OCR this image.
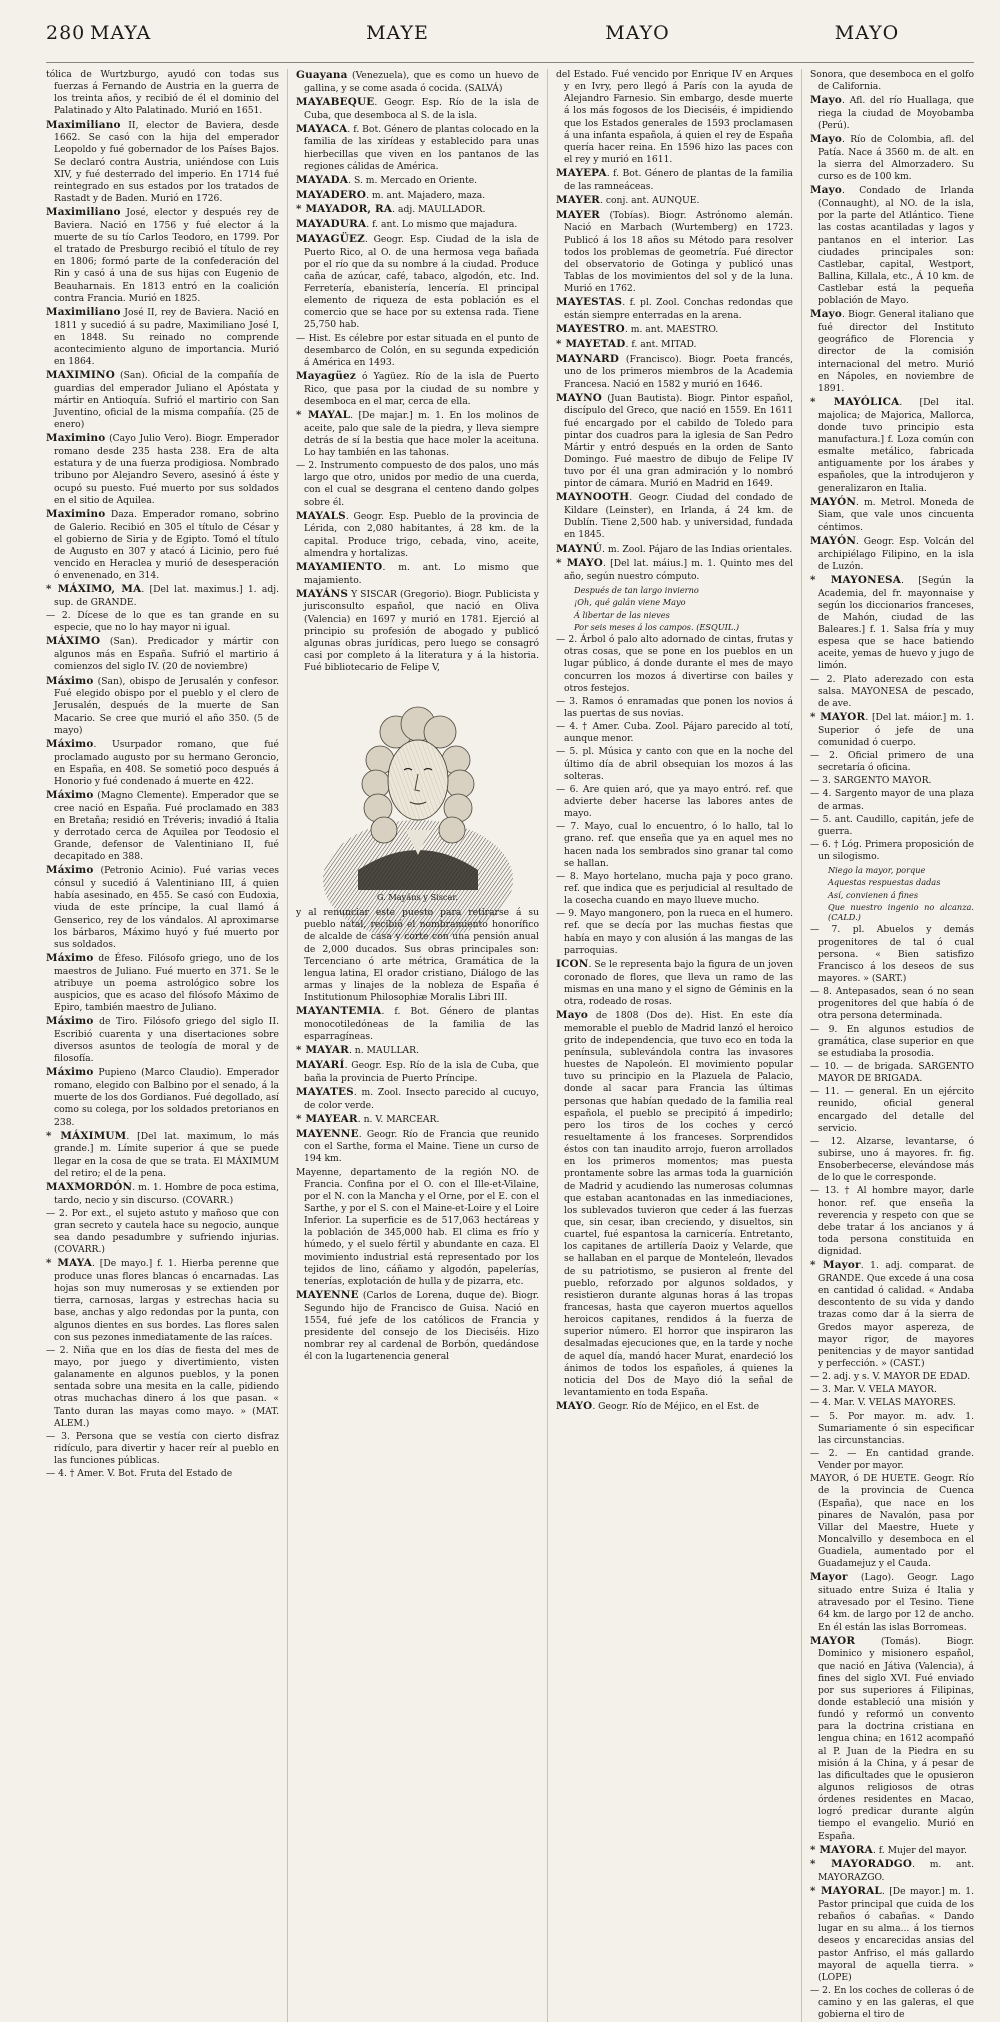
280 MAYA	MAYE	MAYO	MAYO

tólica de Wurtzburgo, ayudó con todas sus fuerzas á Fernando de Austria en la guerra de los treinta años, y recibió de él el dominio del Palatinado y Alto Palatinado. Murió en 1651.

Maximiliano II, elector de Baviera, desde 1662. Se casó con la hija del emperador Leopoldo y fué gobernador de los Países Bajos. Se declaró contra Austria, uniéndose con Luis XIV, y fué desterrado del imperio. En 1714 fué reintegrado en sus estados por los tratados de Rastadt y de Baden. Murió en 1726.

Maximiliano José, elector y después rey de Baviera. Nació en 1756 y fué elector á la muerte de su tío Carlos Teodoro, en 1799. Por el tratado de Presburgo recibió el título de rey en 1806; formó parte de la confederación del Rin y casó á una de sus hijas con Eugenio de Beauharnais. En 1813 entró en la coalición contra Francia. Murió en 1825.

Maximiliano José II, rey de Baviera. Nació en 1811 y sucedió á su padre, Maximiliano José I, en 1848. Su reinado no comprende acontecimiento alguno de importancia. Murió en 1864.

MAXIMINO (San). Oficial de la compañía de guardias del emperador Juliano el Apóstata y mártir en Antioquía. Sufrió el martirio con San Juventino, oficial de la misma compañía. (25 de enero)

Maximino (Cayo Julio Vero). Biogr. Emperador romano desde 235 hasta 238. Era de alta estatura y de una fuerza prodigiosa. Nombrado tribuno por Alejandro Severo, asesinó á éste y ocupó su puesto. Fué muerto por sus soldados en el sitio de Aquilea.

Maximino Daza. Emperador romano, sobrino de Galerio. Recibió en 305 el título de César y el gobierno de Siria y de Egipto. Tomó el título de Augusto en 307 y atacó á Licinio, pero fué vencido en Heraclea y murió de desesperación ó envenenado, en 314.

* MÁXIMO, MA. [Del lat. maximus.] 1. adj. sup. de GRANDE.

— 2. Dícese de lo que es tan grande en su especie, que no lo hay mayor ni igual.

MÁXIMO (San). Predicador y mártir con algunos más en España. Sufrió el martirio á comienzos del siglo IV. (20 de noviembre)

Máximo (San), obispo de Jerusalén y confesor. Fué elegido obispo por el pueblo y el clero de Jerusalén, después de la muerte de San Macario. Se cree que murió el año 350. (5 de mayo)

Máximo. Usurpador romano, que fué proclamado augusto por su hermano Geroncio, en España, en 408. Se sometió poco después á Honorio y fué condenado á muerte en 422.

Máximo (Magno Clemente). Emperador que se cree nació en España. Fué proclamado en 383 en Bretaña; residió en Tréveris; invadió á Italia y derrotado cerca de Aquilea por Teodosio el Grande, defensor de Valentiniano II, fué decapitado en 388.

Máximo (Petronio Acinio). Fué varias veces cónsul y sucedió á Valentiniano III, á quien había asesinado, en 455. Se casó con Eudoxia, viuda de este príncipe, la cual llamó á Genserico, rey de los vándalos. Al aproximarse los bárbaros, Máximo huyó y fué muerto por sus soldados.

Máximo de Éfeso. Filósofo griego, uno de los maestros de Juliano. Fué muerto en 371. Se le atribuye un poema astrológico sobre los auspicios, que es acaso del filósofo Máximo de Epiro, también maestro de Juliano.

Máximo de Tiro. Filósofo griego del siglo II. Escribió cuarenta y una disertaciones sobre diversos asuntos de teología de moral y de filosofía.

Máximo Pupieno (Marco Claudio). Emperador romano, elegido con Balbino por el senado, á la muerte de los dos Gordianos. Fué degollado, así como su colega, por los soldados pretorianos en 238.

* MÁXIMUM. [Del lat. maximum, lo más grande.] m. Límite superior á que se puede llegar en la cosa de que se trata. El MÁXIMUM del retiro; el de la pena.

MAXMORDÓN. m. 1. Hombre de poca estima, tardo, necio y sin discurso. (COVARR.)

— 2. Por ext., el sujeto astuto y mañoso que con gran secreto y cautela hace su negocio, aunque sea dando pesadumbre y sufriendo injurias. (COVARR.)

* MAYA. [De mayo.] f. 1. Hierba perenne que produce unas flores blancas ó encarnadas. Las hojas son muy numerosas y se extienden por tierra, carnosas, largas y estrechas hacia su base, anchas y algo redondas por la punta, con algunos dientes en sus bordes. Las flores salen con sus pezones inmediatamente de las raíces.

— 2. Niña que en los días de fiesta del mes de mayo, por juego y divertimiento, visten galanamente en algunos pueblos, y la ponen sentada sobre una mesita en la calle, pidiendo otras muchachas dinero á los que pasan. « Tanto duran las mayas como mayo. » (MAT. ALEM.)

— 3. Persona que se vestía con cierto disfraz ridículo, para divertir y hacer reír al pueblo en las funciones públicas.

— 4. † Amer. V. Bot. Fruta del Estado de

Guayana (Venezuela), que es como un huevo de gallina, y se come asada ó cocida. (SALVÁ)

MAYABEQUE. Geogr. Esp. Río de la isla de Cuba, que desemboca al S. de la isla.

MAYACA. f. Bot. Género de plantas colocado en la familia de las xirídeas y establecido para unas hierbecillas que viven en los pantanos de las regiones cálidas de América.

MAYADA. S. m. Mercado en Oriente.

MAYADERO. m. ant. Majadero, maza.

* MAYADOR, RA. adj. MAULLADOR.

MAYADURA. f. ant. Lo mismo que majadura.

MAYAGÜEZ. Geogr. Esp. Ciudad de la isla de Puerto Rico, al O. de una hermosa vega bañada por el río que da su nombre á la ciudad. Produce caña de azúcar, café, tabaco, algodón, etc. Ind. Ferretería, ebanistería, lencería. El principal elemento de riqueza de esta población es el comercio que se hace por su extensa rada. Tiene 25,750 hab.

— Hist. Es célebre por estar situada en el punto de desembarco de Colón, en su segunda expedición á América en 1493.

Mayagüez ó Yagüez. Río de la isla de Puerto Rico, que pasa por la ciudad de su nombre y desemboca en el mar, cerca de ella.

* MAYAL. [De majar.] m. 1. En los molinos de aceite, palo que sale de la piedra, y lleva siempre detrás de sí la bestia que hace moler la aceituna. Lo hay también en las tahonas.

— 2. Instrumento compuesto de dos palos, uno más largo que otro, unidos por medio de una cuerda, con el cual se desgrana el centeno dando golpes sobre él.

MAYALS. Geogr. Esp. Pueblo de la provincia de Lérida, con 2,080 habitantes, á 28 km. de la capital. Produce trigo, cebada, vino, aceite, almendra y hortalizas.

MAYAMIENTO. m. ant. Lo mismo que majamiento.

MAYÁNS Y SISCAR (Gregorio). Biogr. Publicista y jurisconsulto español, que nació en Oliva (Valencia) en 1697 y murió en 1781. Ejerció al principio su profesión de abogado y publicó algunas obras jurídicas, pero luego se consagró casi por completo á la literatura y á la historia. Fué bibliotecario de Felipe V,

G. Mayáns y Siscar.

y al renunciar este puesto para retirarse á su pueblo natal, recibió el nombramiento honorífico de alcalde de casa y corte con una pensión anual de 2,000 ducados. Sus obras principales son: Tercenciano ó arte métrica, Gramática de la lengua latina, El orador cristiano, Diálogo de las armas y linajes de la nobleza de España é Institutionum Philosophiæ Moralis Libri III.

MAYANTEMIA. f. Bot. Género de plantas monocotiledóneas de la familia de las esparragíneas.

* MAYAR. n. MAULLAR.

MAYARÍ. Geogr. Esp. Río de la isla de Cuba, que baña la provincia de Puerto Príncipe.

MAYATES. m. Zool. Insecto parecido al cucuyo, de color verde.

* MAYEAR. n. V. MARCEAR.

MAYENNE. Geogr. Río de Francia que reunido con el Sarthe, forma el Maine. Tiene un curso de 194 km.

Mayenne, departamento de la región NO. de Francia. Confina por el O. con el Ille-et-Vilaine, por el N. con la Mancha y el Orne, por el E. con el Sarthe, y por el S. con el Maine-et-Loire y el Loire Inferior. La superficie es de 517,063 hectáreas y la población de 345,000 hab. El clima es frío y húmedo, y el suelo fértil y abundante en caza. El movimiento industrial está representado por los tejidos de lino, cáñamo y algodón, papelerías, tenerías, explotación de hulla y de pizarra, etc.

MAYENNE (Carlos de Lorena, duque de). Biogr. Segundo hijo de Francisco de Guisa. Nació en 1554, fué jefe de los católicos de Francia y presidente del consejo de los Dieciséis. Hizo nombrar rey al cardenal de Borbón, quedándose él con la lugartenencia general

del Estado. Fué vencido por Enrique IV en Arques y en Ivry, pero llegó á París con la ayuda de Alejandro Farnesio. Sin embargo, desde muerte á los más fogosos de los Dieciséis, é impidiendo que los Estados generales de 1593 proclamasen á una infanta española, á quien el rey de España quería hacer reina. En 1596 hizo las paces con el rey y murió en 1611.

MAYEPA. f. Bot. Género de plantas de la familia de las ramneáceas.

MAYER. conj. ant. AUNQUE.

MAYER (Tobías). Biogr. Astrónomo alemán. Nació en Marbach (Wurtemberg) en 1723. Publicó á los 18 años su Método para resolver todos los problemas de geometría. Fué director del observatorio de Gotinga y publicó unas Tablas de los movimientos del sol y de la luna. Murió en 1762.

MAYESTAS. f. pl. Zool. Conchas redondas que están siempre enterradas en la arena.

MAYESTRO. m. ant. MAESTRO.

* MAYETAD. f. ant. MITAD.

MAYNARD (Francisco). Biogr. Poeta francés, uno de los primeros miembros de la Academia Francesa. Nació en 1582 y murió en 1646.

MAYNO (Juan Bautista). Biogr. Pintor español, discípulo del Greco, que nació en 1559. En 1611 fué encargado por el cabildo de Toledo para pintar dos cuadros para la iglesia de San Pedro Mártir y entró después en la orden de Santo Domingo. Fué maestro de dibujo de Felipe IV tuvo por él una gran admiración y lo nombró pintor de cámara. Murió en Madrid en 1649.

MAYNOOTH. Geogr. Ciudad del condado de Kildare (Leinster), en Irlanda, á 24 km. de Dublín. Tiene 2,500 hab. y universidad, fundada en 1845.

MAYNÚ. m. Zool. Pájaro de las Indias orientales.

* MAYO. [Del lat. máius.] m. 1. Quinto mes del año, según nuestro cómputo.

Después de tan largo invierno
¡Oh, qué galán viene Mayo
Á libertar de las nieves
Por seis meses á los campos. (ESQUIL.)

— 2. Árbol ó palo alto adornado de cintas, frutas y otras cosas, que se pone en los pueblos en un lugar público, á donde durante el mes de mayo concurren los mozos á divertirse con bailes y otros festejos.

— 3. Ramos ó enramadas que ponen los novios á las puertas de sus novias.

— 4. † Amer. Cuba. Zool. Pájaro parecido al totí, aunque menor.

— 5. pl. Música y canto con que en la noche del último día de abril obsequian los mozos á las solteras.

— 6. Are quien aró, que ya mayo entró. ref. que advierte deber hacerse las labores antes de mayo.

— 7. Mayo, cual lo encuentro, ó lo hallo, tal lo grano. ref. que enseña que ya en aquel mes no hacen nada los sembrados sino granar tal como se hallan.

— 8. Mayo hortelano, mucha paja y poco grano. ref. que indica que es perjudicial al resultado de la cosecha cuando en mayo llueve mucho.

— 9. Mayo mangonero, pon la rueca en el humero. ref. que se decía por las muchas fiestas que había en mayo y con alusión á las mangas de las parroquias.

ICON. Se le representa bajo la figura de un joven coronado de flores, que lleva un ramo de las mismas en una mano y el signo de Géminis en la otra, rodeado de rosas.

Mayo de 1808 (Dos de). Hist. En este día memorable el pueblo de Madrid lanzó el heroico grito de independencia, que tuvo eco en toda la península, sublevándola contra las invasores huestes de Napoleón. El movimiento popular tuvo su principio en la Plazuela de Palacio, donde al sacar para Francia las últimas personas que habían quedado de la familia real española, el pueblo se precipitó á impedirlo; pero los tiros de los coches y cercó resueltamente á los franceses. Sorprendidos éstos con tan inaudito arrojo, fueron arrollados en los primeros momentos; mas puesta prontamente sobre las armas toda la guarnición de Madrid y acudiendo las numerosas columnas que estaban acantonadas en las inmediaciones, los sublevados tuvieron que ceder á las fuerzas que, sin cesar, iban creciendo, y disueltos, sin cuartel, fué espantosa la carnicería. Entretanto, los capitanes de artillería Daoiz y Velarde, que se hallaban en el parque de Monteleón, llevados de su patriotismo, se pusieron al frente del pueblo, reforzado por algunos soldados, y resistieron durante algunas horas á las tropas francesas, hasta que cayeron muertos aquellos heroicos capitanes, rendidos á la fuerza de superior número. El horror que inspiraron las desalmadas ejecuciones que, en la tarde y noche de aquel día, mandó hacer Murat, enardeció los ánimos de todos los españoles, á quienes la noticia del Dos de Mayo dió la señal de levantamiento en toda España.

MAYO. Geogr. Río de Méjico, en el Est. de

Sonora, que desemboca en el golfo de California.

Mayo. Afl. del río Huallaga, que riega la ciudad de Moyobamba (Perú).

Mayo. Río de Colombia, afl. del Patía. Nace á 3560 m. de alt. en la sierra del Almorzadero. Su curso es de 100 km.

Mayo. Condado de Irlanda (Connaught), al NO. de la isla, por la parte del Atlántico. Tiene las costas acantiladas y lagos y pantanos en el interior. Las ciudades principales son: Castlebar, capital, Westport, Ballina, Killala, etc., Á 10 km. de Castlebar está la pequeña población de Mayo.

Mayo. Biogr. General italiano que fué director del Instituto geográfico de Florencia y director de la comisión internacional del metro. Murió en Nápoles, en noviembre de 1891.

* MAYÓLICA. [Del ital. majolica; de Majorica, Mallorca, donde tuvo principio esta manufactura.] f. Loza común con esmalte metálico, fabricada antiguamente por los árabes y españoles, que la introdujeron y generalizaron en Italia.

MAYÓN. m. Metrol. Moneda de Siam, que vale unos cincuenta céntimos.

MAYÓN. Geogr. Esp. Volcán del archipiélago Filipino, en la isla de Luzón.

* MAYONESA. [Según la Academia, del fr. mayonnaise y según los diccionarios franceses, de Mahón, ciudad de las Baleares.] f. 1. Salsa fría y muy espesa que se hace batiendo aceite, yemas de huevo y jugo de limón.

— 2. Plato aderezado con esta salsa. MAYONESA de pescado, de ave.

* MAYOR. [Del lat. máior.] m. 1. Superior ó jefe de una comunidad ó cuerpo.

— 2. Oficial primero de una secretaría ó oficina.

— 3. SARGENTO MAYOR.

— 4. Sargento mayor de una plaza de armas.

— 5. ant. Caudillo, capitán, jefe de guerra.

— 6. † Lóg. Primera proposición de un silogismo.

Niego la mayor, porque
Aquestas respuestas dadas
Así, convienen á fines
Que nuestro ingenio no alcanza. (CALD.)

— 7. pl. Abuelos y demás progenitores de tal ó cual persona. « Bien satisfizo Francisco á los deseos de sus mayores. » (SART.)

— 8. Antepasados, sean ó no sean progenitores del que había ó de otra persona determinada.

— 9. En algunos estudios de gramática, clase superior en que se estudiaba la prosodia.

— 10. — de brigada. SARGENTO MAYOR DE BRIGADA.

— 11. — general. En un ejército reunido, oficial general encargado del detalle del servicio.

— 12. Alzarse, levantarse, ó subirse, uno á mayores. fr. fig. Ensoberbecerse, elevándose más de lo que le corresponde.

— 13. † Al hombre mayor, darle honor. ref. que enseña la reverencia y respeto con que se debe tratar á los ancianos y á toda persona constituida en dignidad.

* Mayor. 1. adj. comparat. de GRANDE. Que excede á una cosa en cantidad ó calidad. « Andaba descontento de su vida y dando trazas como dar á la sierra de Gredos mayor aspereza, de mayor rigor, de mayores penitencias y de mayor santidad y perfección. » (CAST.)

— 2. adj. y s. V. MAYOR DE EDAD.

— 3. Mar. V. VELA MAYOR.

— 4. Mar. V. VELAS MAYORES.

— 5. Por mayor. m. adv. 1. Sumariamente ó sin especificar las circunstancias.

— 2. — En cantidad grande. Vender por mayor.

MAYOR, ó DE HUETE. Geogr. Río de la provincia de Cuenca (España), que nace en los pinares de Navalón, pasa por Villar del Maestre, Huete y Moncalvillo y desemboca en el Guadiela, aumentado por el Guadamejuz y el Cauda.

Mayor (Lago). Geogr. Lago situado entre Suiza é Italia y atravesado por el Tesino. Tiene 64 km. de largo por 12 de ancho. En él están las islas Borromeas.

MAYOR (Tomás). Biogr. Dominico y misionero español, que nació en Játiva (Valencia), á fines del siglo XVI. Fué enviado por sus superiores á Filipinas, donde estableció una misión y fundó y reformó un convento para la doctrina cristiana en lengua china; en 1612 acompañó al P. Juan de la Piedra en su misión á la China, y á pesar de las dificultades que le opusieron algunos religiosos de otras órdenes residentes en Macao, logró predicar durante algún tiempo el evangelio. Murió en España.

* MAYORA. f. Mujer del mayor.

* MAYORADGO. m. ant. MAYORAZGO.

* MAYORAL. [De mayor.] m. 1. Pastor principal que cuida de los rebaños ó cabañas. « Dando lugar en su alma... á los tiernos deseos y encarecidas ansias del pastor Anfriso, el más gallardo mayoral de aquella tierra. » (LOPE)

— 2. En los coches de colleras ó de camino y en las galeras, el que gobierna el tiro de
